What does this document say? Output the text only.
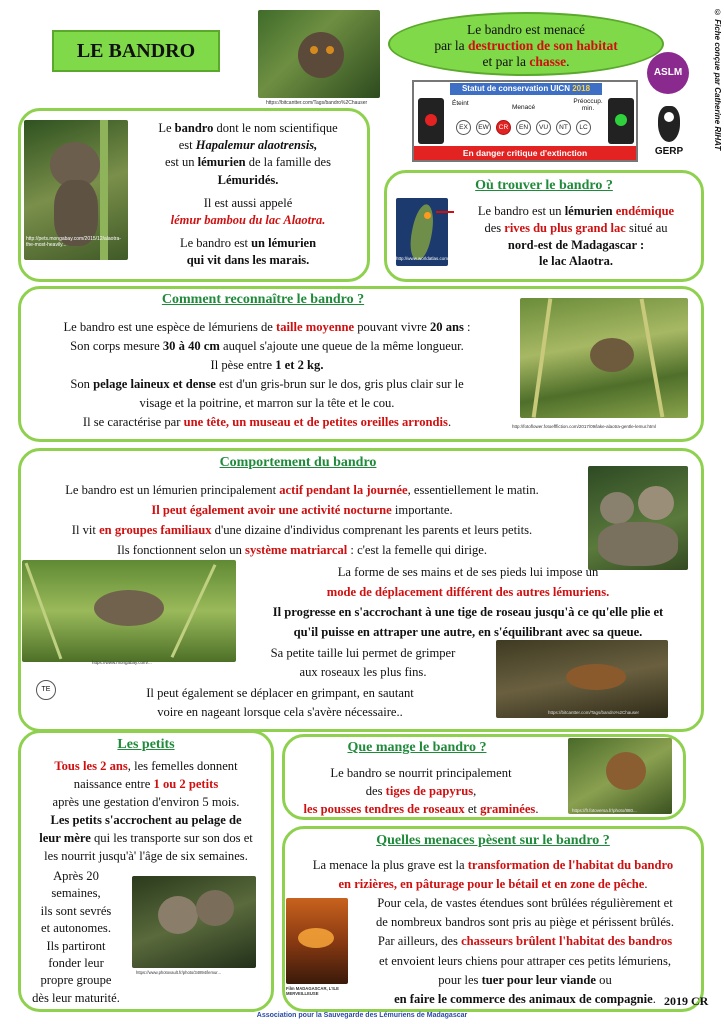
© Fiche conçue par Catherine RIHAT
LE BANDRO
https://bitcantter.com/Tags/bandro%2Chauser
Le bandro est menacé
par la destruction de son habitat
et par la chasse.
ASLM
Statut de conservation UICN 2018
Éteint
Menacé
Préoccup. min.
EX	EW	CR	EN	VU	NT	LC
En danger critique d'extinction	GERP
http://pets.mongabay.com/2015/12/alaotra-the-most-heavily...
Le bandro dont le nom scientifique
est Hapalemur alaotrensis,
est un lémurien de la famille des
Lémuridés.
Il est aussi appelé
lémur bambou du lac Alaotra.
Le bandro est un lémurien
qui vit dans les marais.
Où trouver le bandro ?
http://www.worldatlas.com/details/94768
Le bandro est un lémurien endémique
des rives du plus grand lac situé au
nord-est de Madagascar :
le lac Alaotra.
Comment reconnaître le bandro ?
Le bandro est une espèce de lémuriens de taille moyenne pouvant vivre 20 ans :
Son corps mesure 30 à 40 cm auquel s'ajoute une queue de la même longueur.
Il pèse entre 1 et 2 kg.
Son pelage laineux et dense est d'un gris-brun sur le dos, gris plus clair sur le
visage et la poitrine, et marron sur la tête et le cou.
Il se caractérise par une tête, un museau et de petites oreilles arrondis.	http://fotoflower.fotoefffiction.com/2017/09/lake-alaotra-gentle-lemur.html
Comportement du bandro
Le bandro est un lémurien principalement actif pendant la journée, essentiellement le matin.
Il peut également avoir une activité nocturne importante.
Il vit en groupes familiaux d'une dizaine d'individus comprenant les parents et leurs petits.
Ils fonctionnent selon un système matriarcal : c'est la femelle qui dirige.
https://www.mongabay.com/...
La forme de ses mains et de ses pieds lui impose un
mode de déplacement différent des autres lémuriens.
Il progresse en s'accrochant à une tige de roseau jusqu'à ce qu'elle plie et
qu'il puisse en attraper une autre, en s'équilibrant avec sa queue.
Sa petite taille lui permet de grimper
aux roseaux les plus fins.
https://bitcantter.com/Tags/bandro%2Chauser
TE	Il peut également se déplacer en grimpant, en sautant
voire en nageant lorsque cela s'avère nécessaire..
Les petits
Tous les 2 ans, les femelles donnent
naissance entre 1 ou 2 petits
après une gestation d'environ 5 mois.
Les petits s'accrochent au pelage de
leur mère qui les transporte sur son dos et
les nourrit jusqu'à' l'âge de six semaines.
Après 20
semaines,
ils sont sevrés
et autonomes.
Ils partiront
fonder leur
propre groupe
dès leur maturité.
https://www.photovault.fr/photo/34894/lemur...
Que mange le bandro ?
Le bandro se nourrit principalement
des tiges de papyrus,
les pousses tendres de roseaux et graminées.	https://fr.fotoversa.fr/photo/880...
Quelles menaces pèsent sur le bandro ?
La menace la plus grave est la transformation de l'habitat du bandro
en rizières, en pâturage pour le bétail et en zone de pêche.
Film MADAGASCAR, L'ILE MERVEILLEUSE
Pour cela, de vastes étendues sont brûlées régulièrement et
de nombreux bandros sont pris au piège et périssent brûlés.
Par ailleurs, des chasseurs brûlent l'habitat des bandros
et envoient leurs chiens pour attraper ces petits lémuriens,
pour les tuer pour leur viande ou
en faire le commerce des animaux de compagnie.
Association pour la Sauvegarde des Lémuriens de Madagascar
2019 CR
